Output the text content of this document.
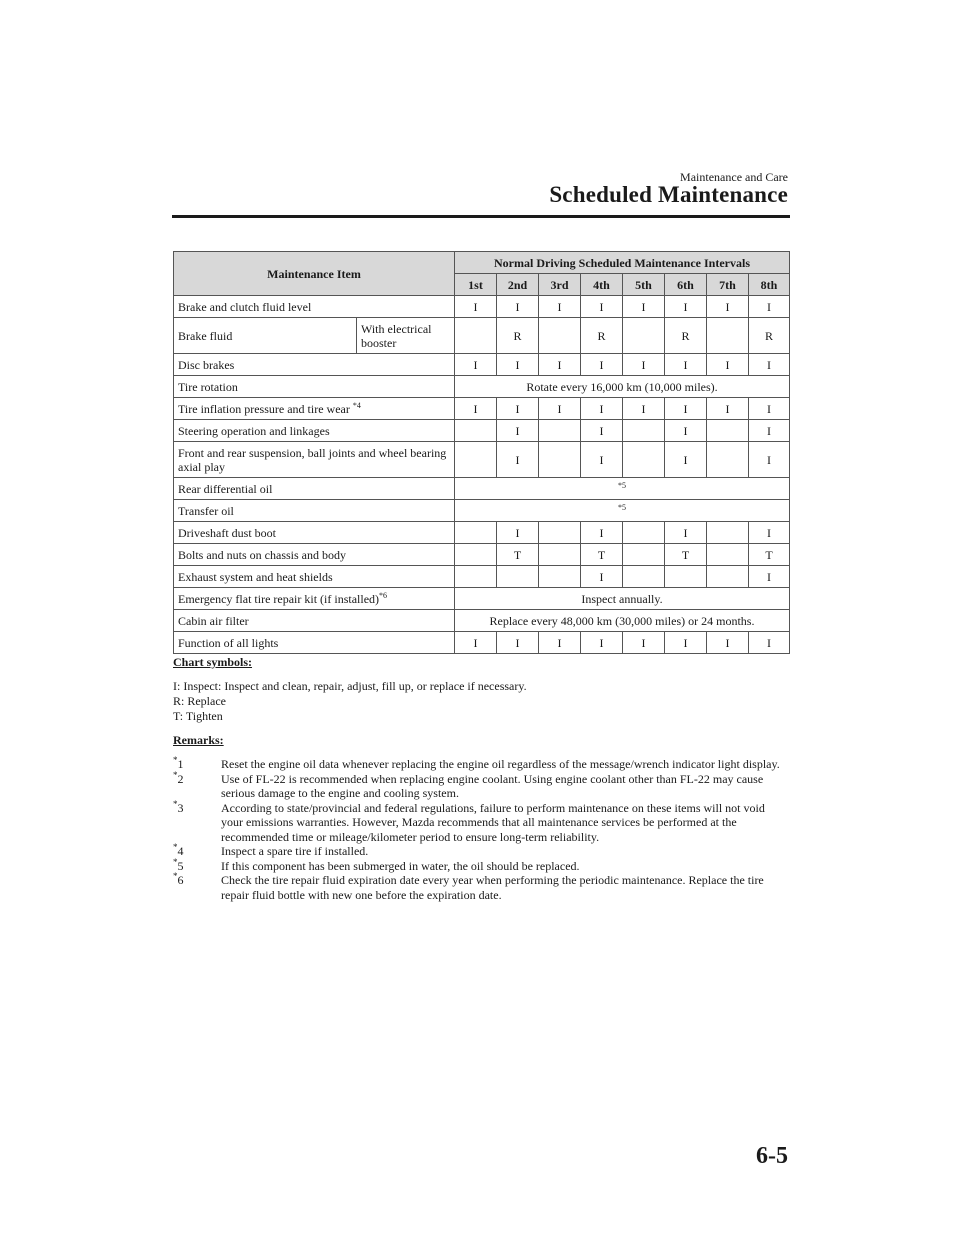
Maintenance and Care
Scheduled Maintenance
Maintenance Item		Normal Driving Scheduled Maintenance Intervals							
		1st	2nd	3rd	4th	5th	6th	7th	8th
Brake and clutch fluid level		I	I	I	I	I	I	I	I
Brake fluid	With electrical booster		R		R		R		R
Disc brakes		I	I	I	I	I	I	I	I
Tire rotation		Rotate every 16,000 km (10,000 miles).							
Tire inflation pressure and tire wear $^{*4}$		I	I	I	I	I	I	I	I
Steering operation and linkages			I		I		I		I
Front and rear suspension, ball joints and wheel bearing axial play			I		I		I		I
Rear differential oil		$^{*5}$
Transfer oil		$^{*5}$
Driveshaft dust boot			I		I		I		I
Bolts and nuts on chassis and body			T		T		T		T
Exhaust system and heat shields					I				I
Emergency flat tire repair kit (if installed)$^{*6}$		Inspect annually.							
Cabin air filter		Replace every 48,000 km (30,000 miles) or 24 months.							
Function of all lights		I	I	I	I	I	I	I	I
Chart symbols:
I: Inspect: Inspect and clean, repair, adjust, fill up, or replace if necessary.
R: Replace
T: Tighten
Remarks:
*1	Reset the engine oil data whenever replacing the engine oil regardless of the message/wrench indicator light display.
*2	Use of FL-22 is recommended when replacing engine coolant. Using engine coolant other than FL-22 may cause serious damage to the engine and cooling system.
*3	According to state/provincial and federal regulations, failure to perform maintenance on these items will not void your emissions warranties. However, Mazda recommends that all maintenance services be performed at the recommended time or mileage/kilometer period to ensure long-term reliability.
*4	Inspect a spare tire if installed.
*5	If this component has been submerged in water, the oil should be replaced.
*6	Check the tire repair fluid expiration date every year when performing the periodic maintenance. Replace the tire repair fluid bottle with new one before the expiration date.
6-5
